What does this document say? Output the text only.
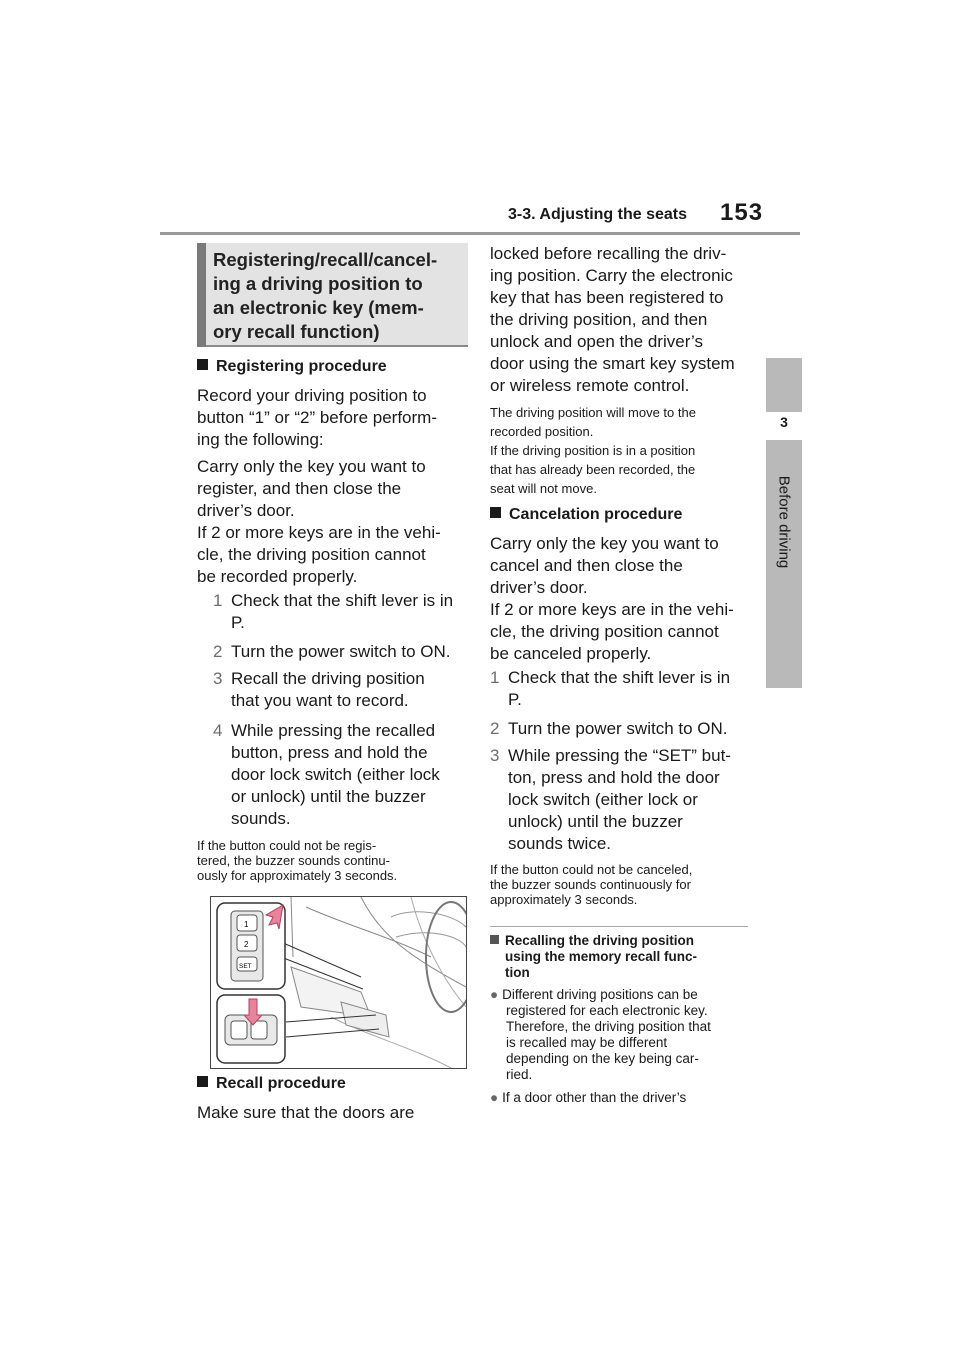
3-3. Adjusting the seats 153
3
Before driving
Registering/recall/cancel-
ing a driving position to
an electronic key (mem-
ory recall function)
Registering procedure
Record your driving position to
button “1” or “2” before perform-
ing the following:
Carry only the key you want to
register, and then close the
driver’s door.
If 2 or more keys are in the vehi-
cle, the driving position cannot
be recorded properly.
1 Check that the shift lever is in
P.
2 Turn the power switch to ON.
3 Recall the driving position
that you want to record.
4 While pressing the recalled
button, press and hold the
door lock switch (either lock
or unlock) until the buzzer
sounds.
If the button could not be regis-
tered, the buzzer sounds continu-
ously for approximately 3 seconds.
1
2
SET
Recall procedure
Make sure that the doors are
locked before recalling the driv-
ing position. Carry the electronic
key that has been registered to
the driving position, and then
unlock and open the driver’s
door using the smart key system
or wireless remote control.
The driving position will move to the
recorded position.
If the driving position is in a position
that has already been recorded, the
seat will not move.
Cancelation procedure
Carry only the key you want to
cancel and then close the
driver’s door.
If 2 or more keys are in the vehi-
cle, the driving position cannot
be canceled properly.
1 Check that the shift lever is in
P.
2 Turn the power switch to ON.
3 While pressing the “SET” but-
ton, press and hold the door
lock switch (either lock or
unlock) until the buzzer
sounds twice.
If the button could not be canceled,
the buzzer sounds continuously for
approximately 3 seconds.
Recalling the driving position
using the memory recall func-
tion
● Different driving positions can be
registered for each electronic key.
Therefore, the driving position that
is recalled may be different
depending on the key being car-
ried.
● If a door other than the driver’s
